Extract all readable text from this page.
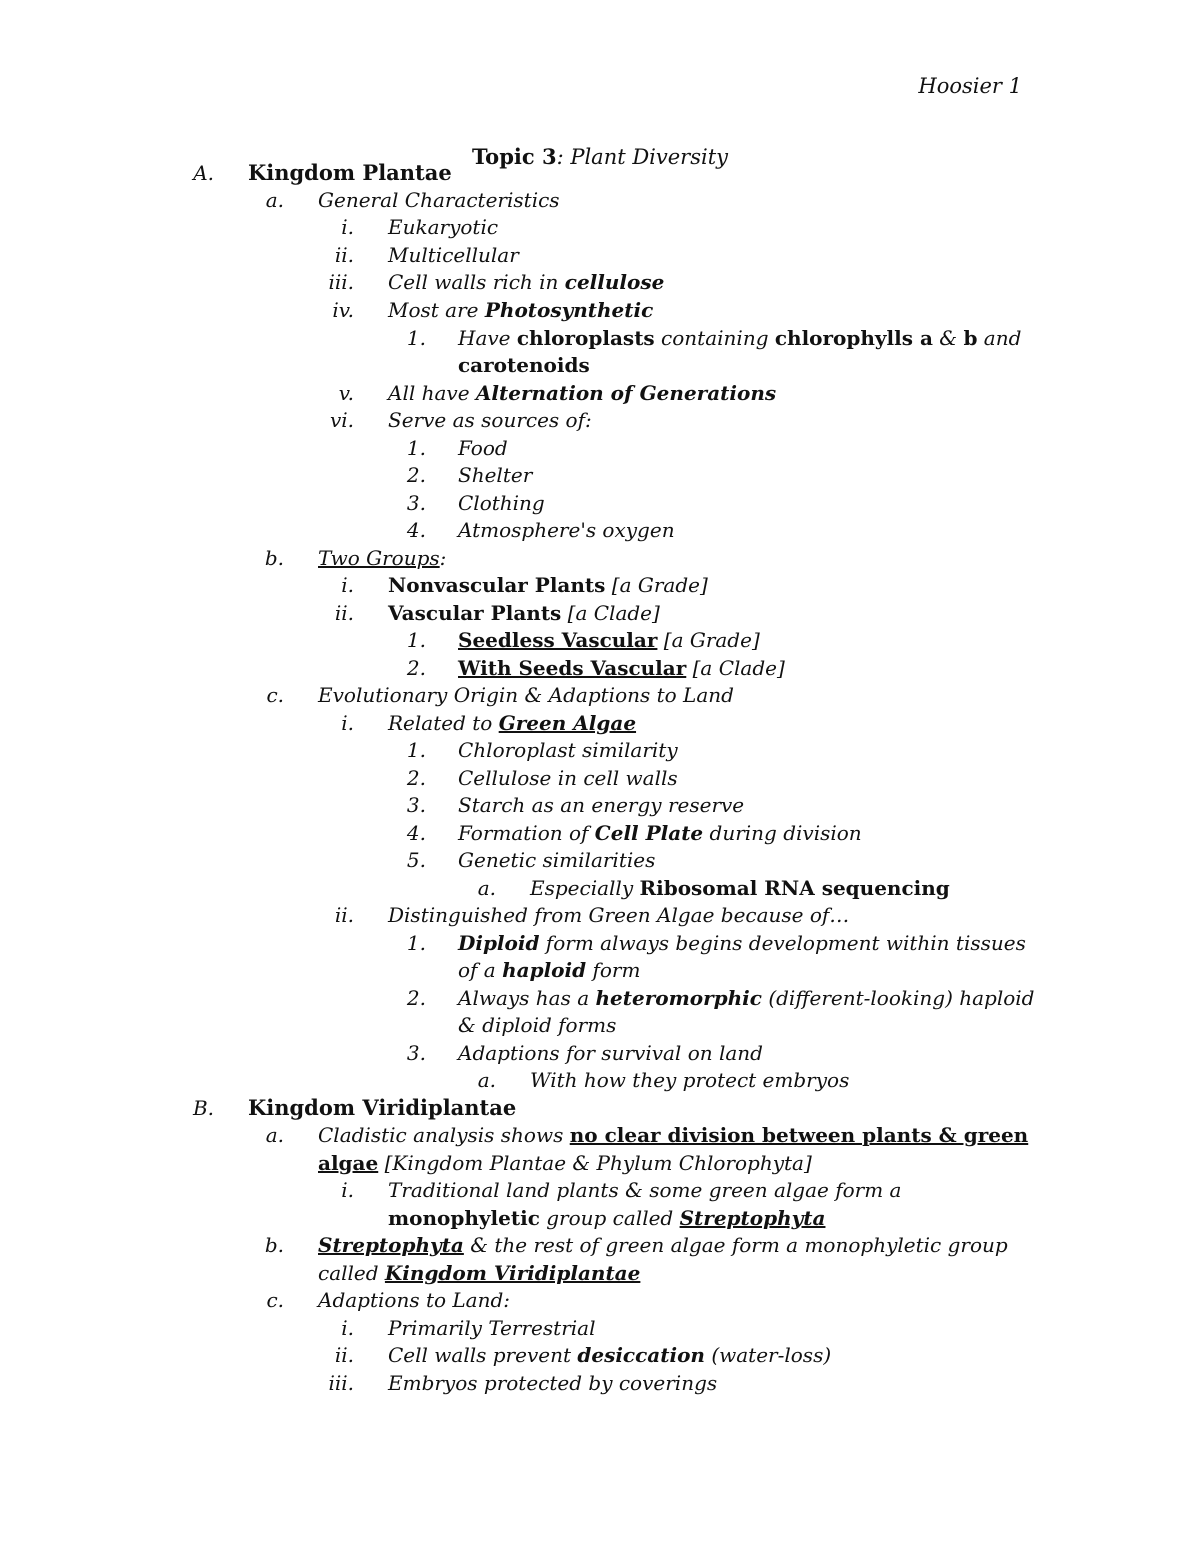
Hoosier 1
Topic 3: Plant Diversity
A. Kingdom Plantae
a. General Characteristics
i. Eukaryotic
ii. Multicellular
iii. Cell walls rich in cellulose
iv. Most are Photosynthetic
1. Have chloroplasts containing chlorophylls a & b and
carotenoids
v. All have Alternation of Generations
vi. Serve as sources of:
1. Food
2. Shelter
3. Clothing
4. Atmosphere's oxygen
b. Two Groups:
i. Nonvascular Plants [a Grade]
ii. Vascular Plants [a Clade]
1. Seedless Vascular [a Grade]
2. With Seeds Vascular [a Clade]
c. Evolutionary Origin & Adaptions to Land
i. Related to Green Algae
1. Chloroplast similarity
2. Cellulose in cell walls
3. Starch as an energy reserve
4. Formation of Cell Plate during division
5. Genetic similarities
a. Especially Ribosomal RNA sequencing
ii. Distinguished from Green Algae because of…
1. Diploid form always begins development within tissues
of a haploid form
2. Always has a heteromorphic (different-looking) haploid
& diploid forms
3. Adaptions for survival on land
a. With how they protect embryos
B. Kingdom Viridiplantae
a. Cladistic analysis shows no clear division between plants & green
algae [Kingdom Plantae & Phylum Chlorophyta]
i. Traditional land plants & some green algae form a
monophyletic group called Streptophyta
b. Streptophyta & the rest of green algae form a monophyletic group
called Kingdom Viridiplantae
c. Adaptions to Land:
i. Primarily Terrestrial
ii. Cell walls prevent desiccation (water-loss)
iii. Embryos protected by coverings
